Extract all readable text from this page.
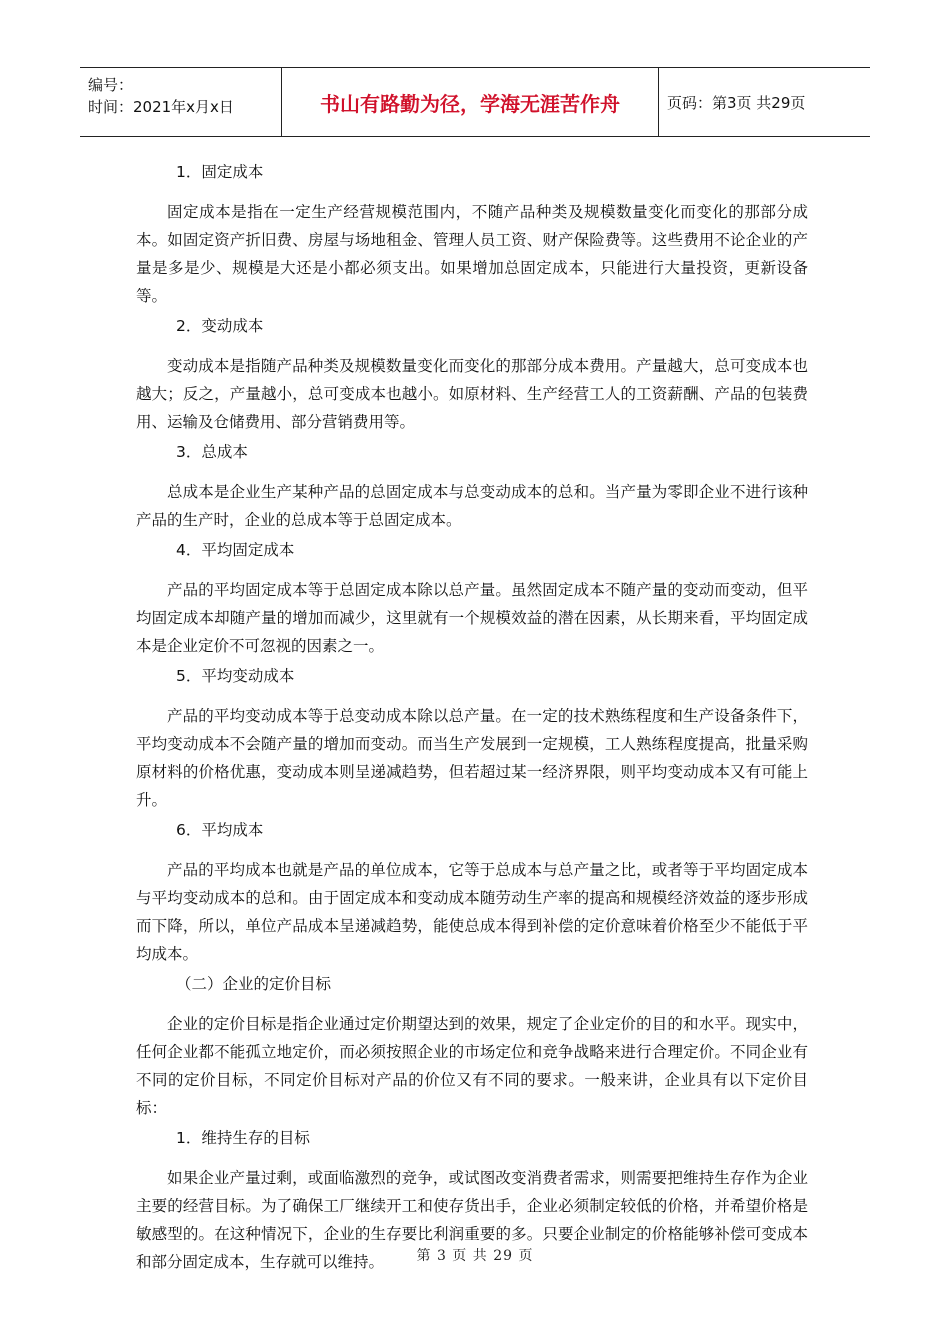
编号：
时间：2021年x月x日	书山有路勤为径，学海无涯苦作舟	页码：第3页 共29页
1．固定成本

固定成本是指在一定生产经营规模范围内，不随产品种类及规模数量变化而变化的那部分成本。如固定资产折旧费、房屋与场地租金、管理人员工资、财产保险费等。这些费用不论企业的产量是多是少、规模是大还是小都必须支出。如果增加总固定成本，只能进行大量投资，更新设备等。

2．变动成本

变动成本是指随产品种类及规模数量变化而变化的那部分成本费用。产量越大，总可变成本也越大；反之，产量越小，总可变成本也越小。如原材料、生产经营工人的工资薪酬、产品的包装费用、运输及仓储费用、部分营销费用等。

3．总成本

总成本是企业生产某种产品的总固定成本与总变动成本的总和。当产量为零即企业不进行该种产品的生产时，企业的总成本等于总固定成本。

4．平均固定成本

产品的平均固定成本等于总固定成本除以总产量。虽然固定成本不随产量的变动而变动，但平均固定成本却随产量的增加而减少，这里就有一个规模效益的潜在因素，从长期来看，平均固定成本是企业定价不可忽视的因素之一。

5．平均变动成本

产品的平均变动成本等于总变动成本除以总产量。在一定的技术熟练程度和生产设备条件下，平均变动成本不会随产量的增加而变动。而当生产发展到一定规模，工人熟练程度提高，批量采购原材料的价格优惠，变动成本则呈递减趋势，但若超过某一经济界限，则平均变动成本又有可能上升。

6．平均成本

产品的平均成本也就是产品的单位成本，它等于总成本与总产量之比，或者等于平均固定成本与平均变动成本的总和。由于固定成本和变动成本随劳动生产率的提高和规模经济效益的逐步形成而下降，所以，单位产品成本呈递减趋势，能使总成本得到补偿的定价意味着价格至少不能低于平均成本。

（二）企业的定价目标

企业的定价目标是指企业通过定价期望达到的效果，规定了企业定价的目的和水平。现实中，任何企业都不能孤立地定价，而必须按照企业的市场定位和竞争战略来进行合理定价。不同企业有不同的定价目标，不同定价目标对产品的价位又有不同的要求。一般来讲，企业具有以下定价目标：

1．维持生存的目标

如果企业产量过剩，或面临激烈的竞争，或试图改变消费者需求，则需要把维持生存作为企业主要的经营目标。为了确保工厂继续开工和使存货出手，企业必须制定较低的价格，并希望价格是敏感型的。在这种情况下，企业的生存要比利润重要的多。只要企业制定的价格能够补偿可变成本和部分固定成本，生存就可以维持。	第 3 页 共 29 页
